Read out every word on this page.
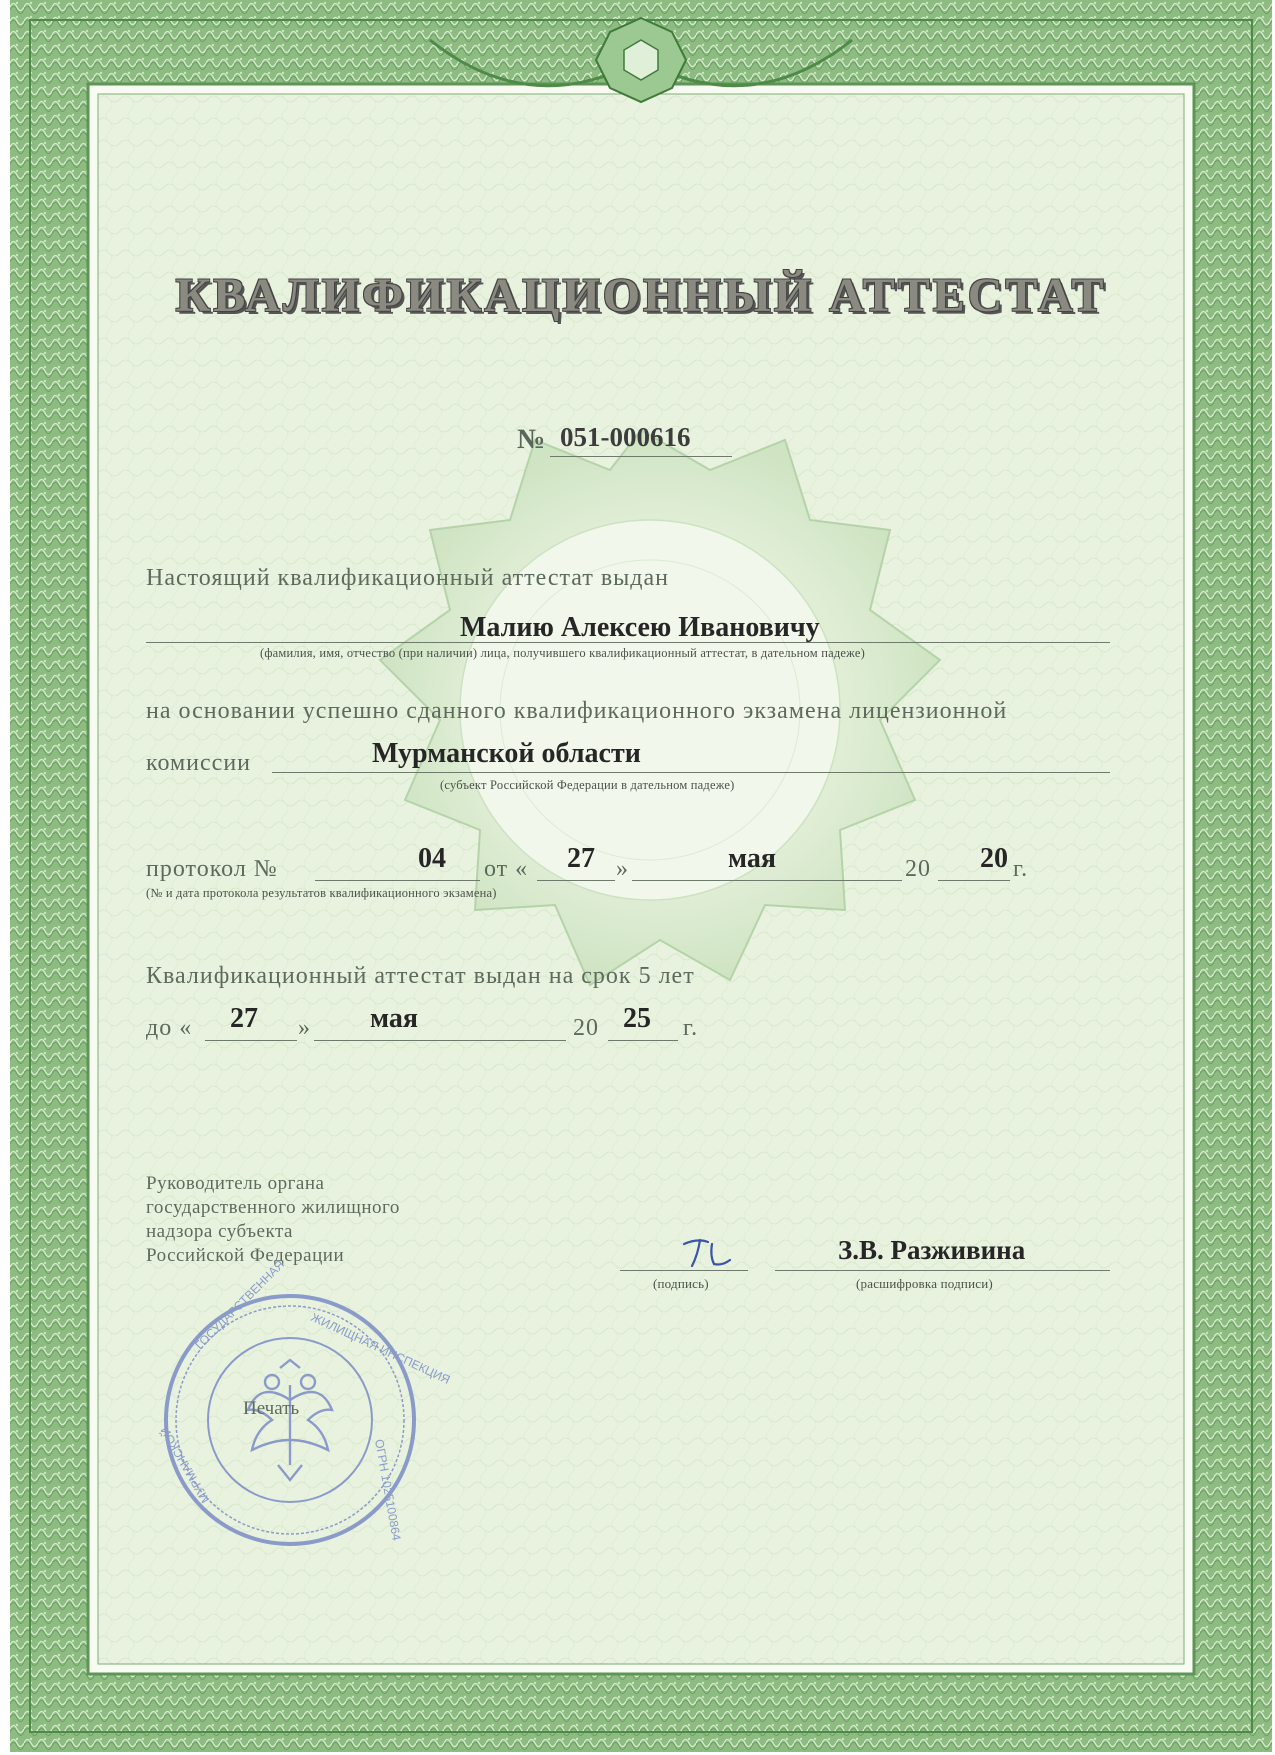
КВАЛИФИКАЦИОННЫЙ АТТЕСТАТ
№ 051-000616
Настоящий квалификационный аттестат выдан
Малию Алексею Ивановичу
(фамилия, имя, отчество (при наличии) лица, получившего квалификационный аттестат, в дательном падеже)
на основании успешно сданного квалификационного экзамена лицензионной
комиссии	Мурманской области
(субъект Российской Федерации в дательном падеже)
протокол №	04 от « 27 »	мая	20 20 г.
(№ и дата протокола результатов квалификационного экзамена)
Квалификационный аттестат выдан на срок 5 лет
до « 27 » мая	20 25 г.
Руководитель органа
государственного жилищного
надзора субъекта
Российской Федерации
(подпись)
З.В. Разживина
(расшифровка подписи)
ГОСУДАРСТВЕННАЯ ЖИЛИЩНАЯ ИНСПЕКЦИЯ
ОГРН 1025100864
МУРМАНСКОЙ
Печать
